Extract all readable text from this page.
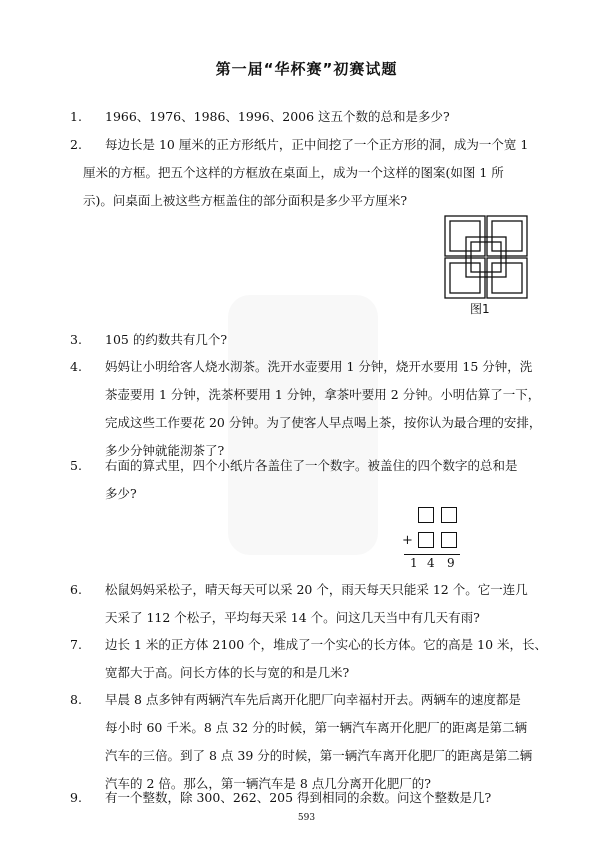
第一届“华杯赛”初赛试题
1. 1966、1976、1986、1996、2006 这五个数的总和是多少?
2. 每边长是 10 厘米的正方形纸片，正中间挖了一个正方形的洞，成为一个宽 1
厘米的方框。把五个这样的方框放在桌面上，成为一个这样的图案(如图 1 所
示)。问桌面上被这些方框盖住的部分面积是多少平方厘米?
图1
3. 105 的约数共有几个?
4. 妈妈让小明给客人烧水沏茶。洗开水壶要用 1 分钟，烧开水要用 15 分钟，洗
茶壶要用 1 分钟，洗茶杯要用 1 分钟，拿茶叶要用 2 分钟。小明估算了一下，
完成这些工作要花 20 分钟。为了使客人早点喝上茶，按你认为最合理的安排，
多少分钟就能沏茶了?
5. 右面的算式里，四个小纸片各盖住了一个数字。被盖住的四个数字的总和是
多少?
+
1 4 9
6. 松鼠妈妈采松子，晴天每天可以采 20 个，雨天每天只能采 12 个。它一连几
天采了 112 个松子，平均每天采 14 个。问这几天当中有几天有雨?
7. 边长 1 米的正方体 2100 个，堆成了一个实心的长方体。它的高是 10 米，长、
宽都大于高。问长方体的长与宽的和是几米?
8. 早晨 8 点多钟有两辆汽车先后离开化肥厂向幸福村开去。两辆车的速度都是
每小时 60 千米。8 点 32 分的时候，第一辆汽车离开化肥厂的距离是第二辆
汽车的三倍。到了 8 点 39 分的时候，第一辆汽车离开化肥厂的距离是第二辆
汽车的 2 倍。那么，第一辆汽车是 8 点几分离开化肥厂的?
9. 有一个整数，除 300、262、205 得到相同的余数。问这个整数是几?
593
